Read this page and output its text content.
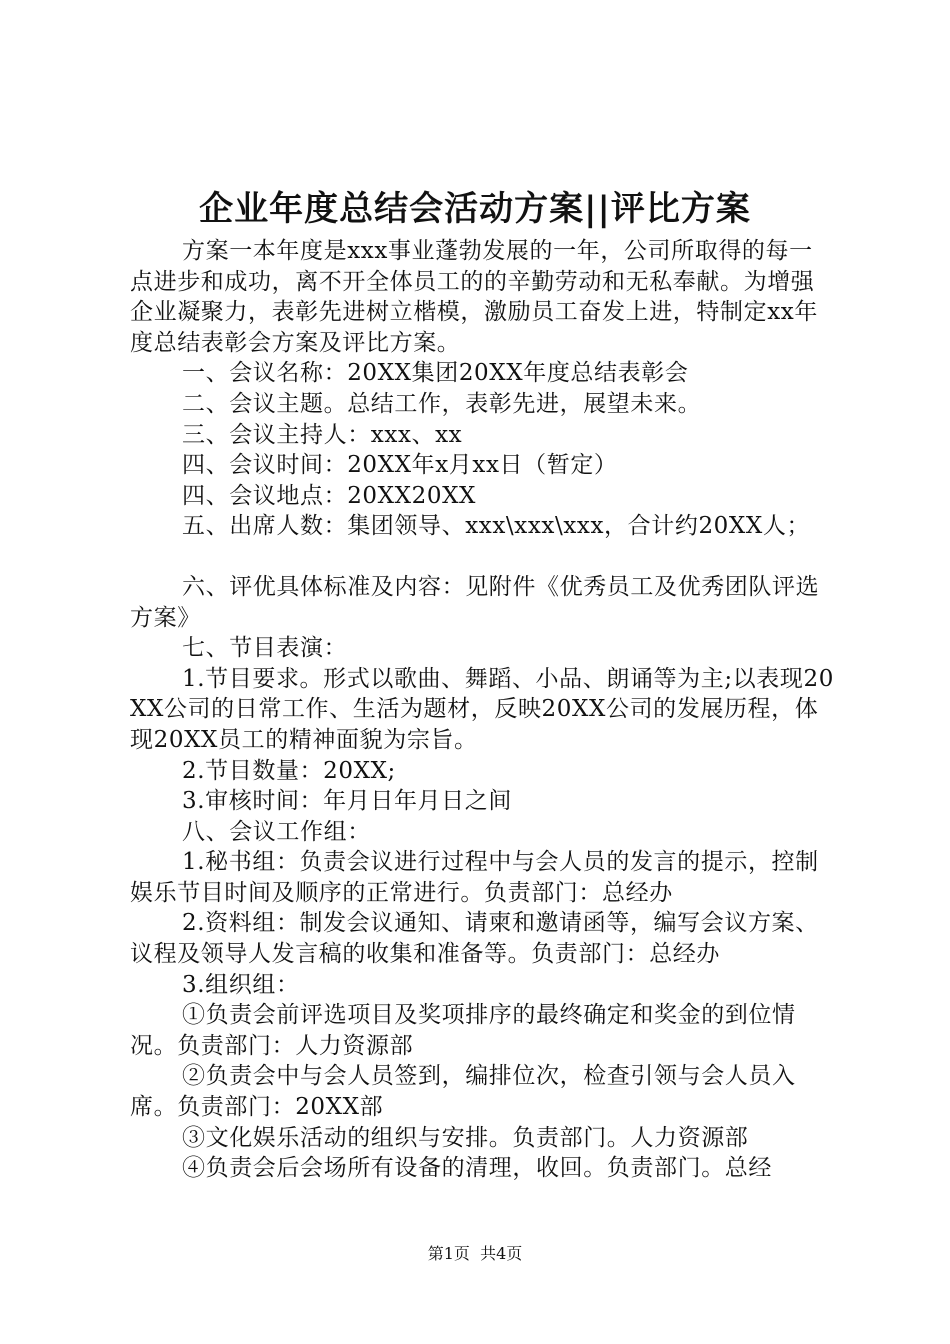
企业年度总结会活动方案||评比方案

方案一本年度是xxx事业蓬勃发展的一年，公司所取得的每一点进步和成功，离不开全体员工的的辛勤劳动和无私奉献。为增强企业凝聚力，表彰先进树立楷模，激励员工奋发上进，特制定xx年度总结表彰会方案及评比方案。

一、会议名称：20XX集团20XX年度总结表彰会

二、会议主题。总结工作，表彰先进，展望未来。

三、会议主持人：xxx、xx

四、会议时间：20XX年x月xx日（暂定）

四、会议地点：20XX20XX

五、出席人数：集团领导、xxx\xxx\xxx，合计约20XX人；

六、评优具体标准及内容：见附件《优秀员工及优秀团队评选方案》

七、节目表演：

1.节目要求。形式以歌曲、舞蹈、小品、朗诵等为主;以表现20XX公司的日常工作、生活为题材，反映20XX公司的发展历程，体现20XX员工的精神面貌为宗旨。

2.节目数量：20XX;

3.审核时间：年月日年月日之间

八、会议工作组：

1.秘书组：负责会议进行过程中与会人员的发言的提示，控制娱乐节目时间及顺序的正常进行。负责部门：总经办

2.资料组：制发会议通知、请柬和邀请函等，编写会议方案、议程及领导人发言稿的收集和准备等。负责部门：总经办

3.组织组：

①负责会前评选项目及奖项排序的最终确定和奖金的到位情况。负责部门：人力资源部

②负责会中与会人员签到，编排位次，检查引领与会人员入席。负责部门：20XX部

③文化娱乐活动的组织与安排。负责部门。人力资源部

④负责会后会场所有设备的清理，收回。负责部门。总经

第1页  共4页
